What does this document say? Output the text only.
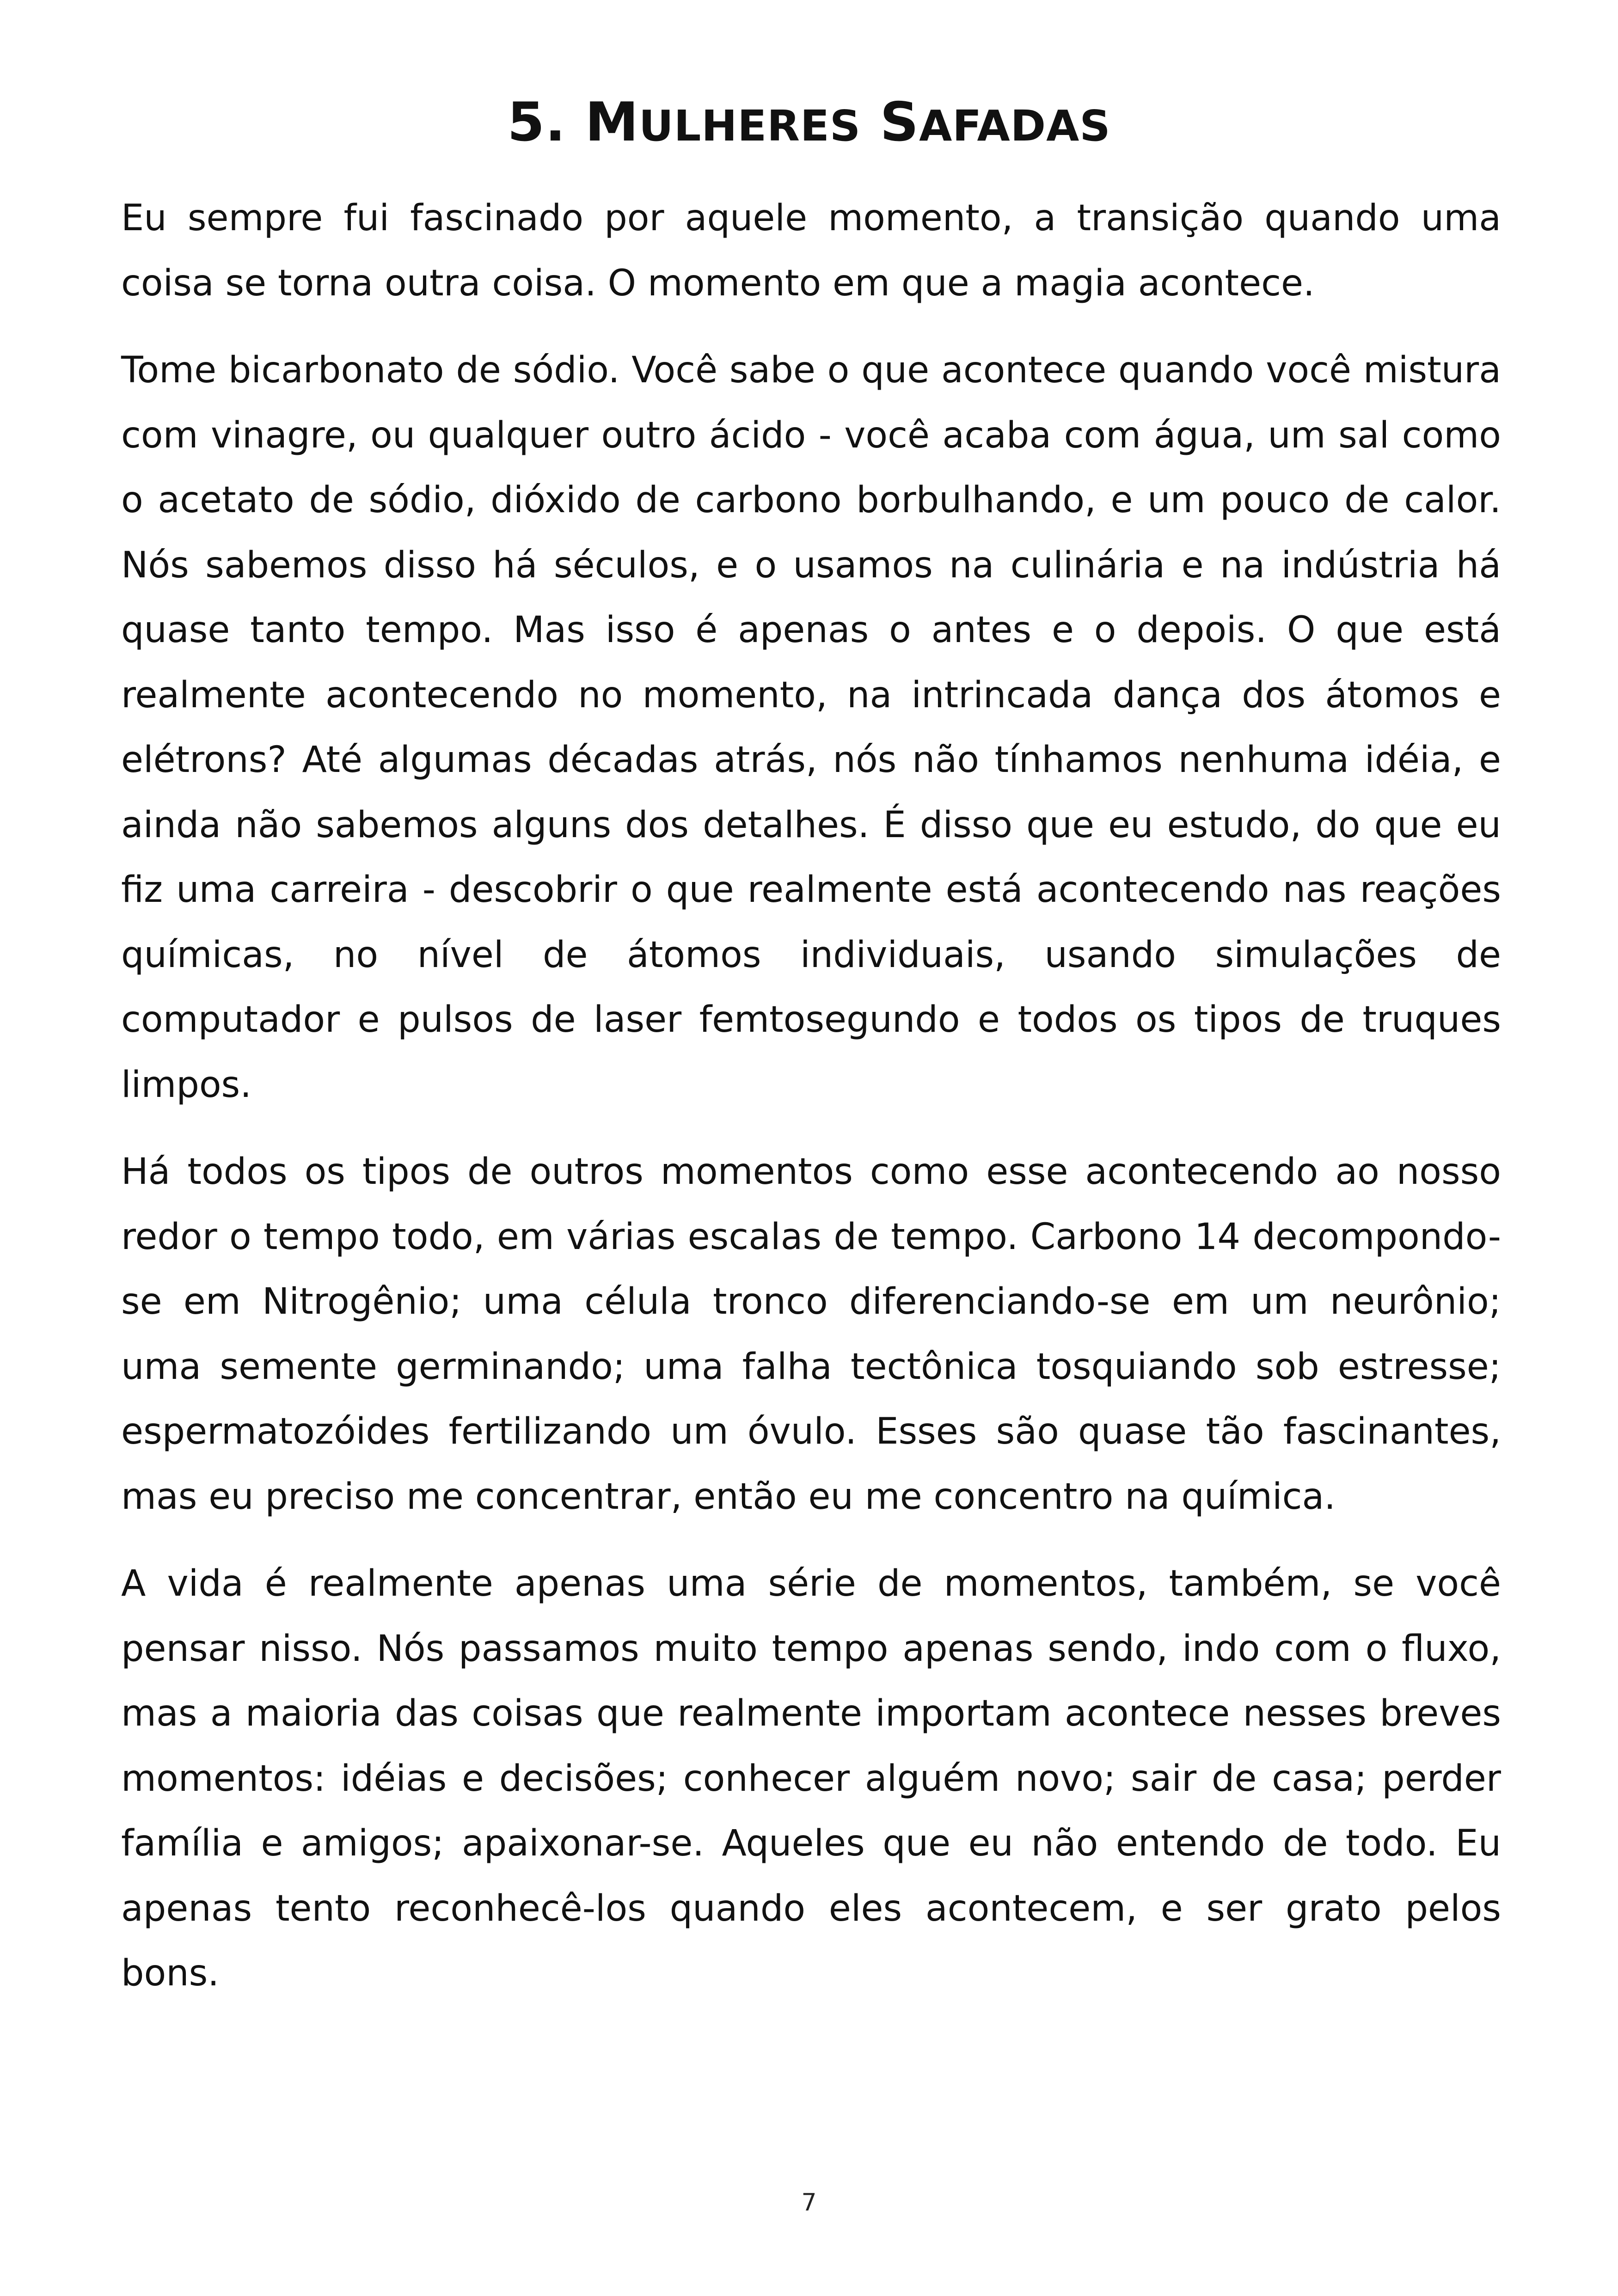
5. MULHERES SAFADAS

Eu sempre fui fascinado por aquele momento, a transição quando uma coisa se torna outra coisa. O momento em que a magia acontece.

Tome bicarbonato de sódio. Você sabe o que acontece quando você mistura com vinagre, ou qualquer outro ácido - você acaba com água, um sal como o acetato de sódio, dióxido de carbono borbulhando, e um pouco de calor. Nós sabemos disso há séculos, e o usamos na culinária e na indústria há quase tanto tempo. Mas isso é apenas o antes e o depois. O que está realmente acontecendo no momento, na intrincada dança dos átomos e elétrons? Até algumas décadas atrás, nós não tínhamos nenhuma idéia, e ainda não sabemos alguns dos detalhes. É disso que eu estudo, do que eu fiz uma carreira - descobrir o que realmente está acontecendo nas reações químicas, no nível de átomos individuais, usando simulações de computador e pulsos de laser femtosegundo e todos os tipos de truques limpos.

Há todos os tipos de outros momentos como esse acontecendo ao nosso redor o tempo todo, em várias escalas de tempo. Carbono 14 decompondo-se em Nitrogênio; uma célula tronco diferenciando-se em um neurônio; uma semente germinando; uma falha tectônica tosquiando sob estresse; espermatozóides fertilizando um óvulo. Esses são quase tão fascinantes, mas eu preciso me concentrar, então eu me concentro na química.

A vida é realmente apenas uma série de momentos, também, se você pensar nisso. Nós passamos muito tempo apenas sendo, indo com o fluxo, mas a maioria das coisas que realmente importam acontece nesses breves momentos: idéias e decisões; conhecer alguém novo; sair de casa; perder família e amigos; apaixonar-se. Aqueles que eu não entendo de todo. Eu apenas tento reconhecê-los quando eles acontecem, e ser grato pelos bons.

7
